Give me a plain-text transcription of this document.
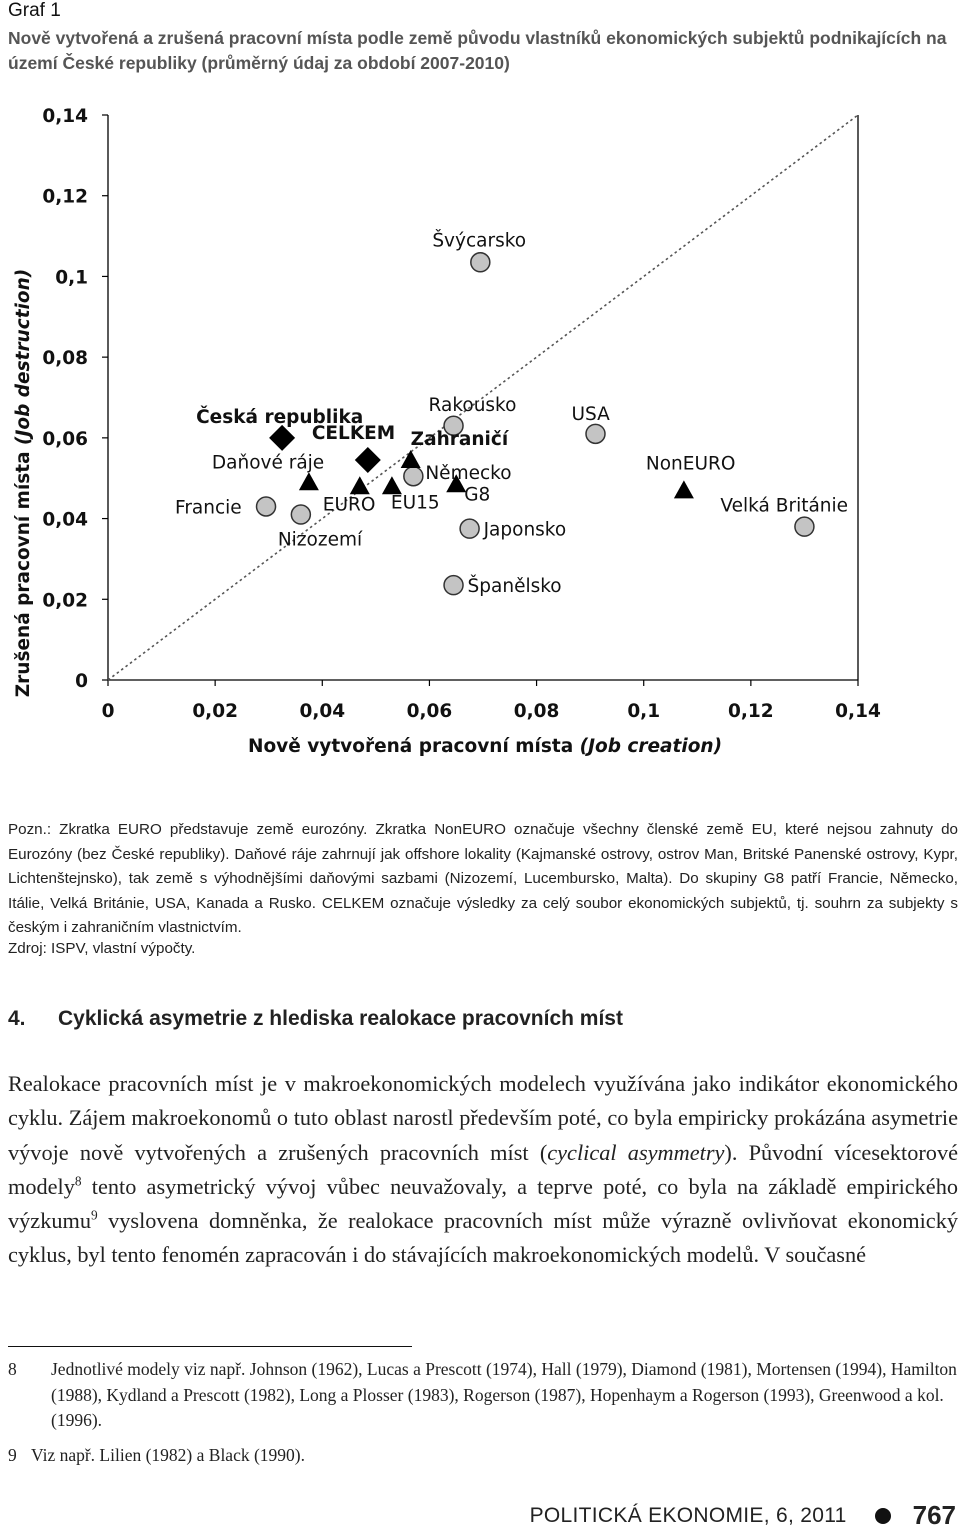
Graf 1
Nově vytvořená a zrušená pracovní místa podle země původu vlastníků ekonomických subjektů podnikajících na území České republiky (průměrný údaj za období 2007-2010)
0	0,02	0,04	0,06	0,08	0,1	0,12	0,14
0
0,02
0,04
0,06
0,08
0,1
0,12
0,14
Švýcarsko
Rakousko	USA
Německo
Francie
Nizozemí	Japonsko
Španělsko
Velká Británie
Česká republika
CELKEM Zahraničí
Daňové ráje
EURO EU15 G8
NonEURO
Nově vytvořená pracovní místa (Job creation)
Zrušená pracovní místa (Job destruction)
Pozn.: Zkratka EURO představuje země eurozóny. Zkratka NonEURO označuje všechny členské země EU, které nejsou zahnuty do Eurozóny (bez České republiky). Daňové ráje zahrnují jak offshore lokality (Kajmanské ostrovy, ostrov Man, Britské Panenské ostrovy, Kypr, Lichtenštejnsko), tak země s výhodnějšími daňovými sazbami (Nizozemí, Lucembursko, Malta). Do skupiny G8 patří Francie, Německo, Itálie, Velká Británie, USA, Kanada a Rusko. CELKEM označuje výsledky za celý soubor ekonomických subjektů, tj. souhrn za subjekty s českým i zahraničním vlastnictvím.
Zdroj: ISPV, vlastní výpočty.
4. Cyklická asymetrie z hlediska realokace pracovních míst
Realokace pracovních míst je v makroekonomických modelech využívána jako indikátor ekonomického cyklu. Zájem makroekonomů o tuto oblast narostl především poté, co byla empiricky prokázána asymetrie vývoje nově vytvořených a zrušených pracovních míst (cyclical asymmetry). Původní vícesektorové modely$^8$ tento asymetrický vývoj vůbec neuvažovaly, a teprve poté, co byla na základě empirického výzkumu$^9$ vyslovena domněnka, že realokace pracovních míst může výrazně ovlivňovat ekonomický cyklus, byl tento fenomén zapracován i do stávajících makroekonomických modelů. V současné
8 Jednotlivé modely viz např. Johnson (1962), Lucas a Prescott (1974), Hall (1979), Diamond (1981), Mortensen (1994), Hamilton (1988), Kydland a Prescott (1982), Long a Plosser (1983), Rogerson (1987), Hopenhaym a Rogerson (1993), Greenwood a kol. (1996).
9 Viz např. Lilien (1982) a Black (1990).
POLITICKÁ EKONOMIE, 6, 2011	767
